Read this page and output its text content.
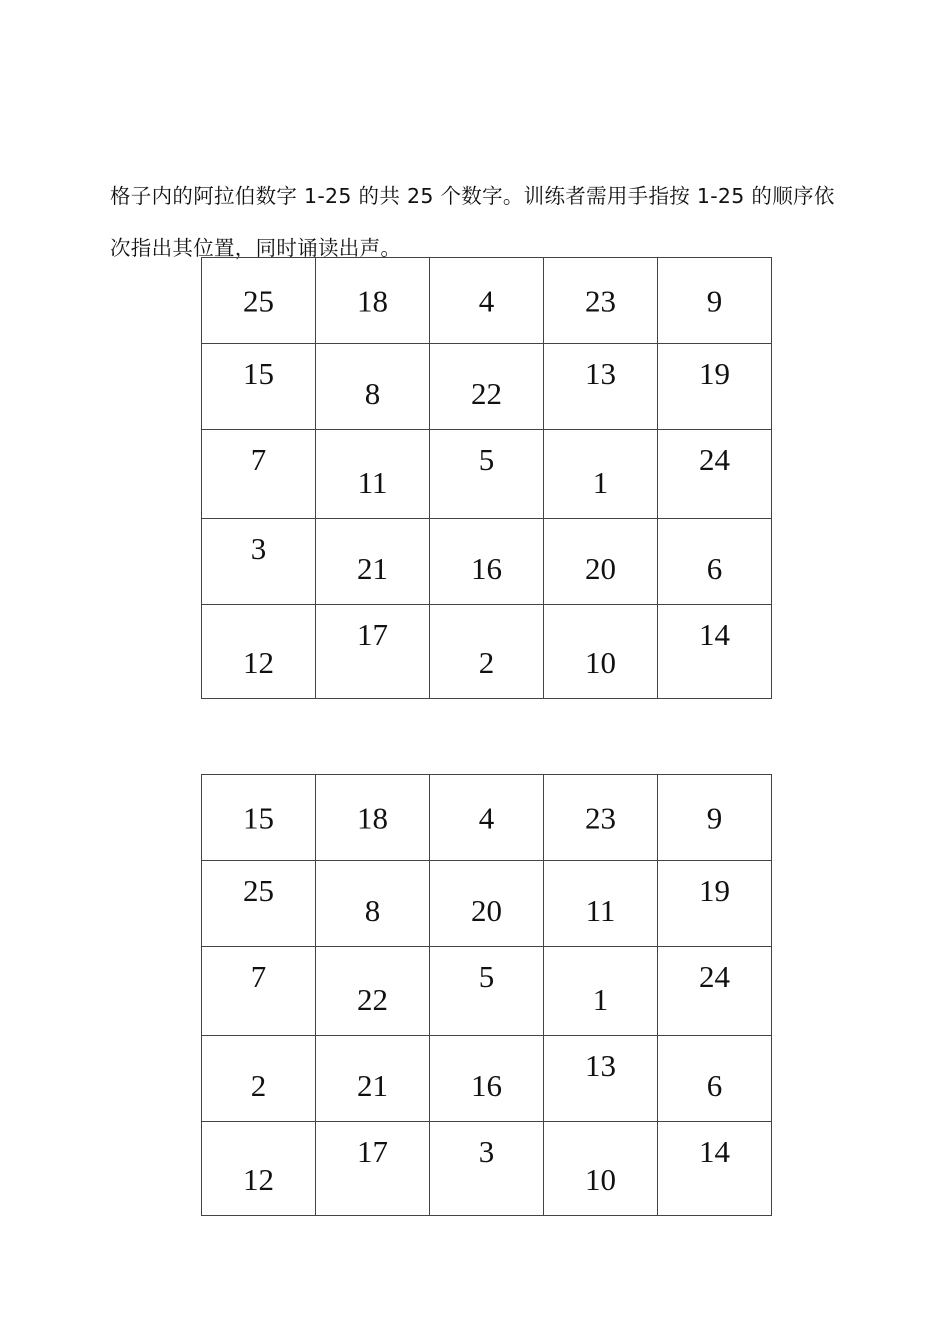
格子内的阿拉伯数字 1-25 的共 25 个数字。训练者需用手指按 1-25 的顺序依
次指出其位置，同时诵读出声。
25	18	4	23	9

15	8	22	13	19

7	11	5	1	24

3	21	16	20	6

12	17	2	10	14
15	18	4	23	9

25	8	20	11	19

7	22	5	1	24

2	21	16	13	6

12	17	3	10	14
